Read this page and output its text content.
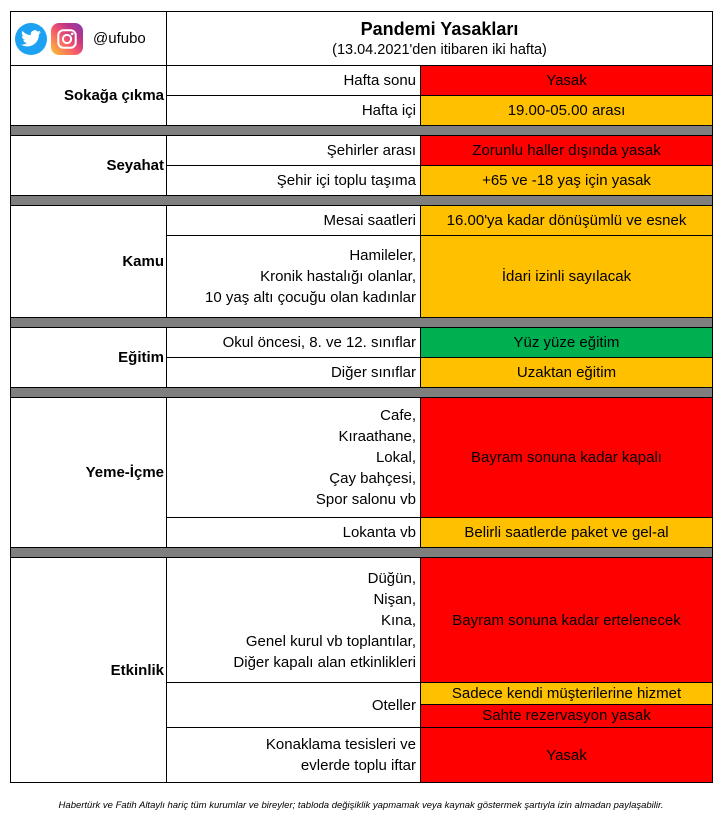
@ufubo	Pandemi Yasakları
(13.04.2021'den itibaren iki hafta)	

Sokağa çıkma	Hafta sonu	Yasak
	Hafta içi	19.00-05.00 arası

Seyahat	Şehirler arası	Zorunlu haller dışında yasak
	Şehir içi toplu taşıma	+65 ve -18 yaş için yasak

Kamu	Mesai saatleri	16.00'ya kadar dönüşümlü ve esnek

	Hamileler,
Kronik hastalığı olanlar,
10 yaş altı çocuğu olan kadınlar	İdari izinli sayılacak

Eğitim	Okul öncesi, 8. ve 12. sınıflar	Yüz yüze eğitim
	Diğer sınıflar	Uzaktan eğitim

Yeme-İçme	Cafe,
Kıraathane,
Lokal,
Çay bahçesi,
Spor salonu vb	Bayram sonuna kadar kapalı
	Lokanta vb	Belirli saatlerde paket ve gel-al

Etkinlik	Düğün,
Nişan,
Kına,
Genel kurul vb toplantılar,
Diğer kapalı alan etkinlikleri	Bayram sonuna kadar ertelenecek
	Oteller	Sadece kendi müşterilerine hizmet
Sahte rezervasyon yasak

	Konaklama tesisleri ve
evlerde toplu iftar	Yasak
Habertürk ve Fatih Altaylı hariç tüm kurumlar ve bireyler; tabloda değişiklik yapmamak veya kaynak göstermek şartıyla izin almadan paylaşabilir.
